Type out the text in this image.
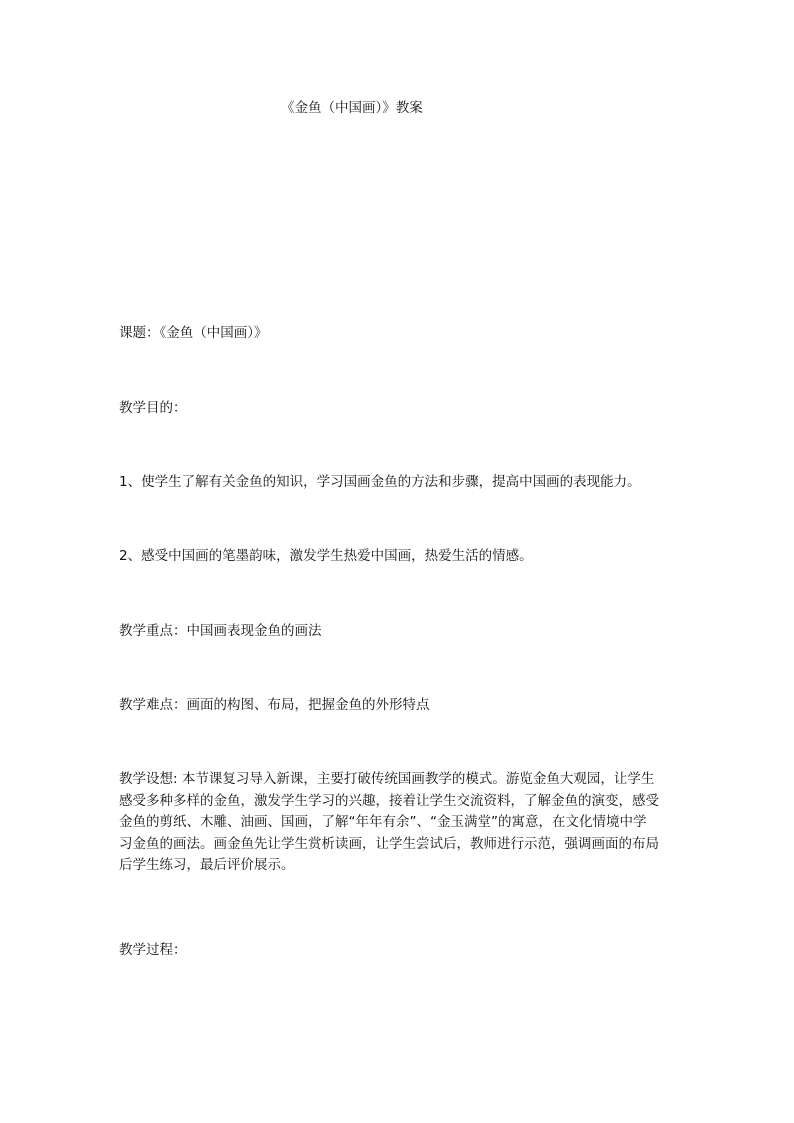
《金鱼（中国画）》教案
课题：《金鱼（中国画）》
教学目的：
1、使学生了解有关金鱼的知识，学习国画金鱼的方法和步骤，提高中国画的表现能力。
2、感受中国画的笔墨韵味，激发学生热爱中国画，热爱生活的情感。
教学重点：中国画表现金鱼的画法
教学难点：画面的构图、布局，把握金鱼的外形特点
教学设想: 本节课复习导入新课，主要打破传统国画教学的模式。游览金鱼大观园，让学生
感受多种多样的金鱼，激发学生学习的兴趣，接着让学生交流资料，了解金鱼的演变，感受
金鱼的剪纸、木雕、油画、国画，了解“年年有余”、“金玉满堂”的寓意，在文化情境中学
习金鱼的画法。画金鱼先让学生赏析读画，让学生尝试后，教师进行示范，强调画面的布局
后学生练习，最后评价展示。
教学过程：
